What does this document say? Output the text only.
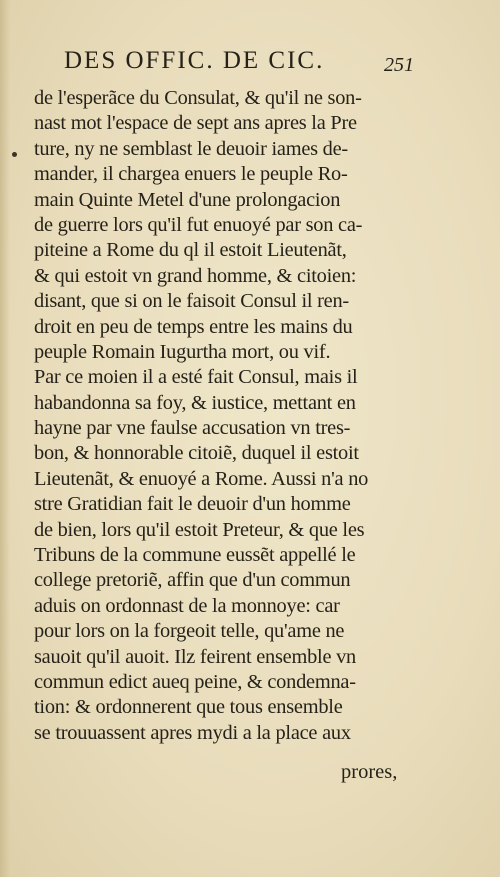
DES OFFIC. DE CIC.	251
de l'esperãce du Consulat, & qu'il ne son-
nast mot l'espace de sept ans apres la Pre
ture, ny ne semblast le deuoir iames de-
mander, il chargea enuers le peuple Ro-
main Quinte Metel d'une prolongacion
de guerre lors qu'il fut enuoyé par son ca-
piteine a Rome du ql il estoit Lieutenãt,
& qui estoit vn grand homme, & citoien:
disant, que si on le faisoit Consul il ren-
droit en peu de temps entre les mains du
peuple Romain Iugurtha mort, ou vif.
Par ce moien il a esté fait Consul, mais il
habandonna sa foy, & iustice, mettant en
hayne par vne faulse accusation vn tres-
bon, & honnorable citoiẽ, duquel il estoit
Lieutenãt, & enuoyé a Rome. Aussi n'a no
stre Gratidian fait le deuoir d'un homme
de bien, lors qu'il estoit Preteur, & que les
Tribuns de la commune eussẽt appellé le
college pretoriẽ, affin que d'un commun
aduis on ordonnast de la monnoye: car
pour lors on la forgeoit telle, qu'ame ne
sauoit qu'il auoit. Ilz feirent ensemble vn
commun edict aueq peine, & condemna-
tion: & ordonnerent que tous ensemble
se trouuassent apres mydi a la place aux
prores,
